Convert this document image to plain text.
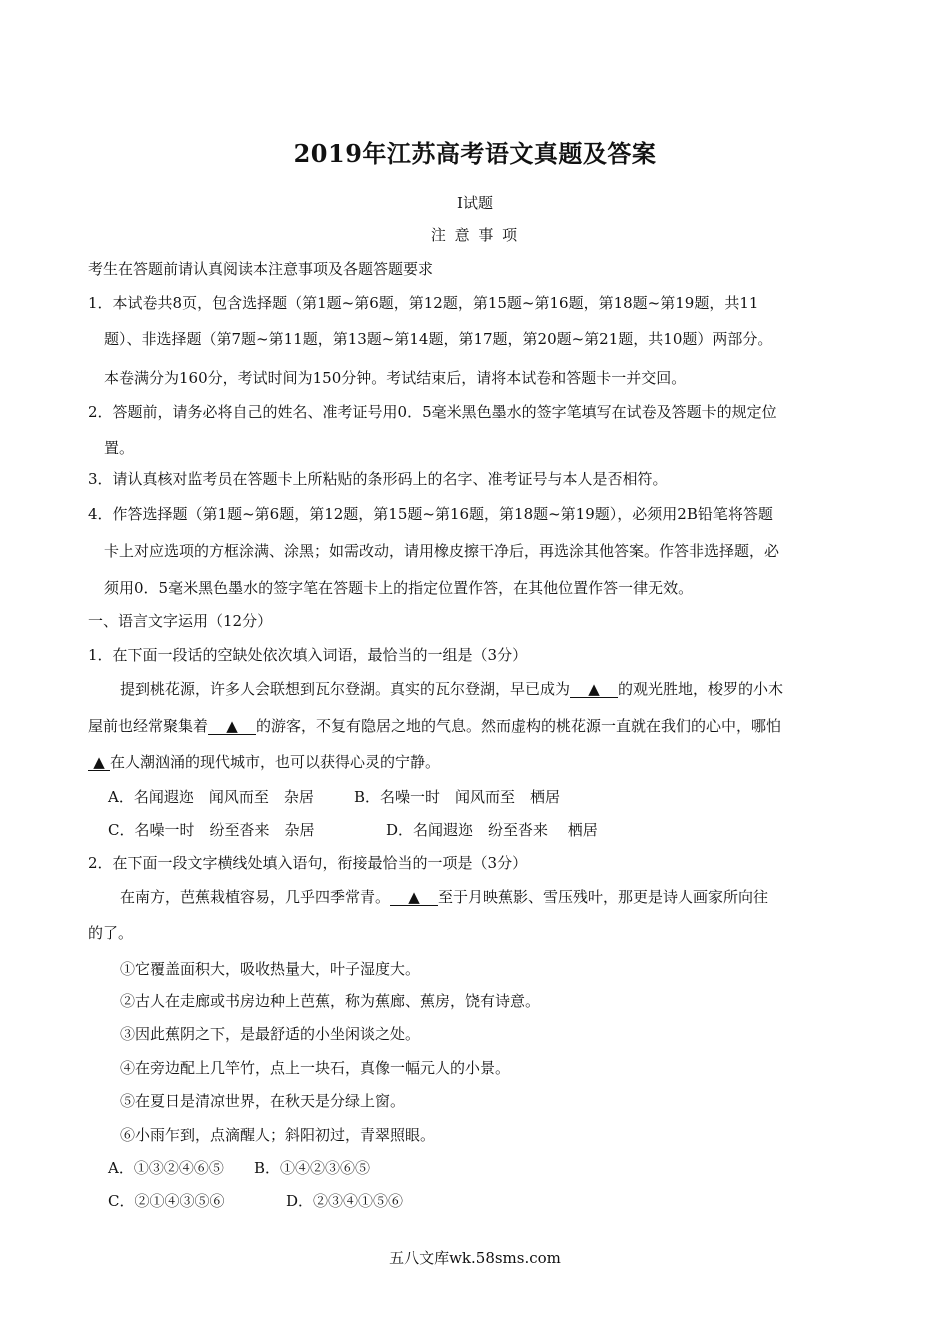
2019年江苏高考语文真题及答案
I试题
注 意 事 项
考生在答题前请认真阅读本注意事项及各题答题要求
1．本试卷共8页，包含选择题（第1题~第6题，第12题，第15题~第16题，第18题~第19题，共11
题）、非选择题（第7题~第11题，第13题~第14题，第17题，第20题~第21题，共10题）两部分。
本卷满分为160分，考试时间为150分钟。考试结束后，请将本试卷和答题卡一并交回。
2．答题前，请务必将自己的姓名、准考证号用0．5毫米黑色墨水的签字笔填写在试卷及答题卡的规定位
置。
3．请认真核对监考员在答题卡上所粘贴的条形码上的名字、准考证号与本人是否相符。
4．作答选择题（第1题~第6题，第12题，第15题~第16题，第18题~第19题），必须用2B铅笔将答题
卡上对应选项的方框涂满、涂黑；如需改动，请用橡皮擦干净后，再选涂其他答案。作答非选择题，必
须用0．5毫米黑色墨水的签字笔在答题卡上的指定位置作答，在其他位置作答一律无效。
一、语言文字运用（12分）
1．在下面一段话的空缺处依次填入词语，最恰当的一组是（3分）
提到桃花源，许多人会联想到瓦尔登湖。真实的瓦尔登湖，早已成为 ▲ 的观光胜地，梭罗的小木
屋前也经常聚集着 ▲ 的游客，不复有隐居之地的气息。然而虚构的桃花源一直就在我们的心中，哪怕
▲ 在人潮汹涌的现代城市，也可以获得心灵的宁静。
A．名闻遐迩　闻风而至　杂居	B．名噪一时　闻风而至　栖居
C．名噪一时　纷至沓来　杂居	D．名闻遐迩　纷至沓来　 栖居
2．在下面一段文字横线处填入语句，衔接最恰当的一项是（3分）
在南方，芭蕉栽植容易，几乎四季常青。 ▲ 至于月映蕉影、雪压残叶，那更是诗人画家所向往
的了。
①它覆盖面积大，吸收热量大，叶子湿度大。
②古人在走廊或书房边种上芭蕉，称为蕉廊、蕉房，饶有诗意。
③因此蕉阴之下，是最舒适的小坐闲谈之处。
④在旁边配上几竿竹，点上一块石，真像一幅元人的小景。
⑤在夏日是清凉世界，在秋天是分绿上窗。
⑥小雨乍到，点滴醒人；斜阳初过，青翠照眼。
A．①③②④⑥⑤ B．①④②③⑥⑤
C．②①④③⑤⑥	D．②③④①⑤⑥
五八文库wk.58sms.com
